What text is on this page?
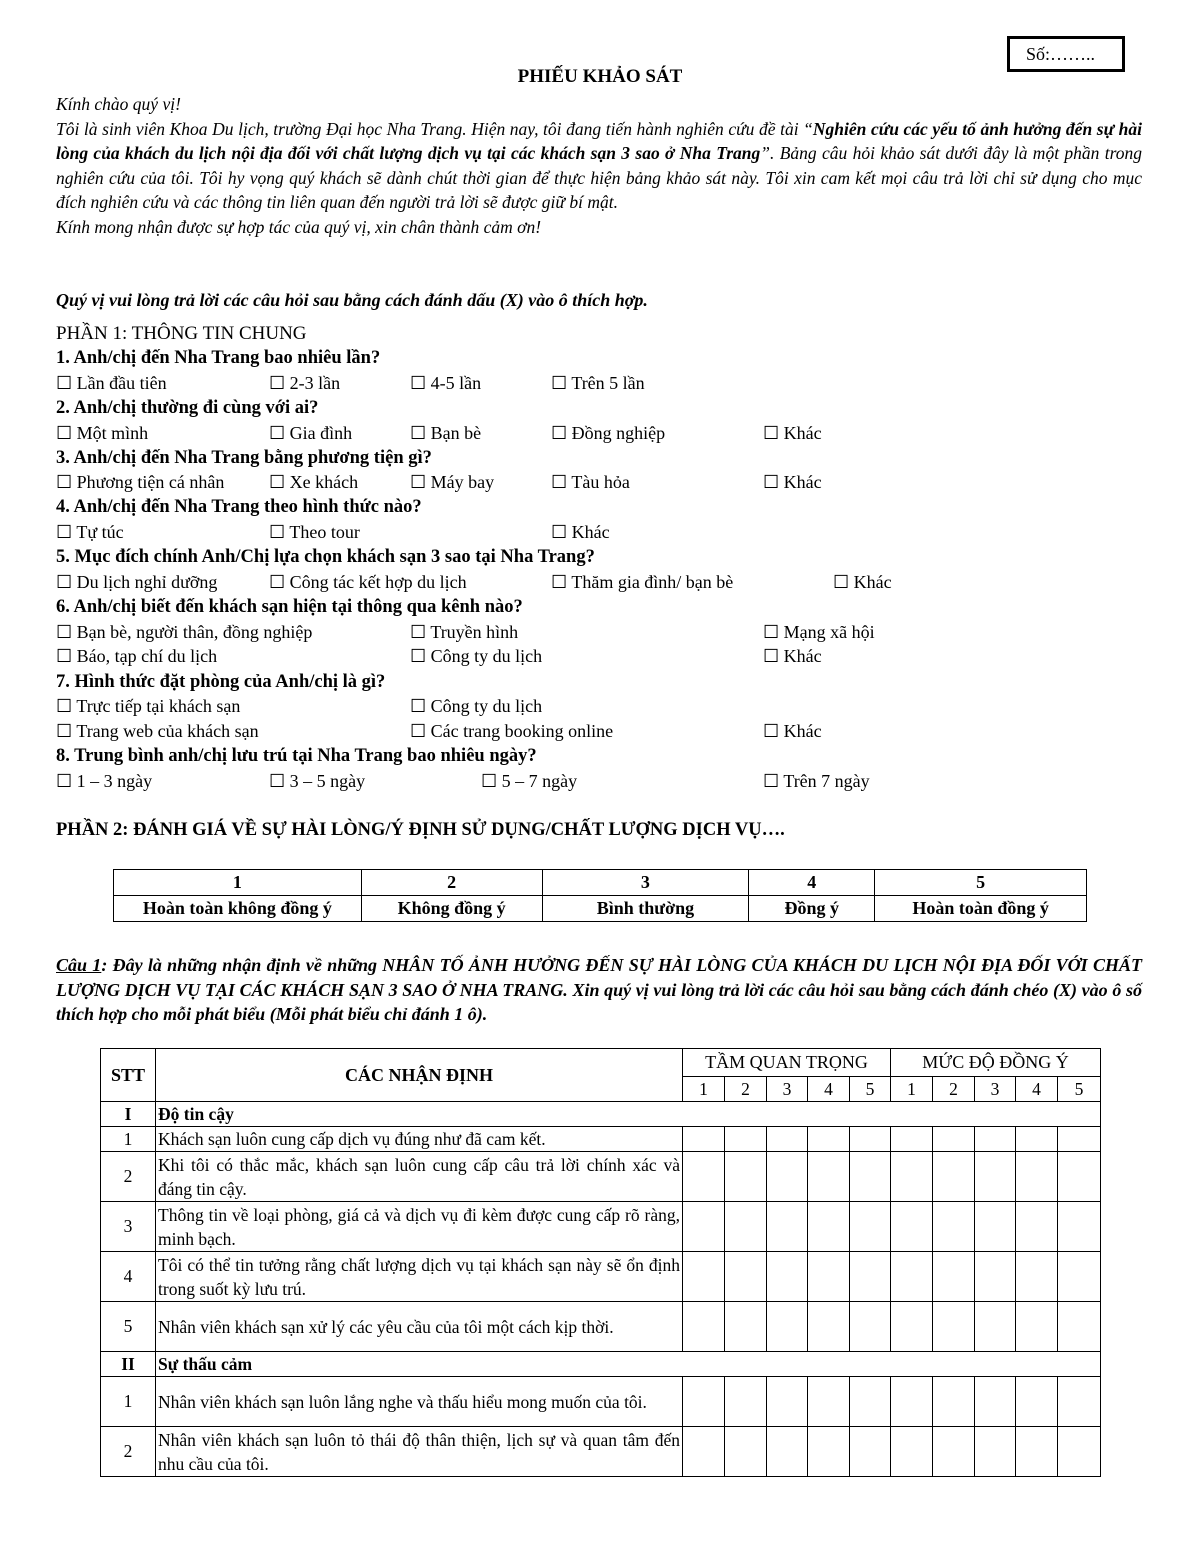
Số:……..
PHIẾU KHẢO SÁT

Kính chào quý vị!

Tôi là sinh viên Khoa Du lịch, trường Đại học Nha Trang. Hiện nay, tôi đang tiến hành nghiên cứu đề tài “Nghiên cứu các yếu tố ảnh hưởng đến sự hài lòng của khách du lịch nội địa đối với chất lượng dịch vụ tại các khách sạn 3 sao ở Nha Trang”. Bảng câu hỏi khảo sát dưới đây là một phần trong nghiên cứu của tôi. Tôi hy vọng quý khách sẽ dành chút thời gian để thực hiện bảng khảo sát này. Tôi xin cam kết mọi câu trả lời chỉ sử dụng cho mục đích nghiên cứu và các thông tin liên quan đến người trả lời sẽ được giữ bí mật.

Kính mong nhận được sự hợp tác của quý vị, xin chân thành cảm ơn!

Quý vị vui lòng trả lời các câu hỏi sau bằng cách đánh dấu (X) vào ô thích hợp.
PHẦN 1: THÔNG TIN CHUNG
1. Anh/chị đến Nha Trang bao nhiêu lần?
☐ Lần đầu tiên	☐ 2-3 lần	☐ 4-5 lần	☐ Trên 5 lần
2. Anh/chị thường đi cùng với ai?
☐ Một mình	☐ Gia đình	☐ Bạn bè	☐ Đồng nghiệp	☐ Khác
3. Anh/chị đến Nha Trang bằng phương tiện gì?
☐ Phương tiện cá nhân ☐ Xe khách	☐ Máy bay	☐ Tàu hỏa	☐ Khác
4. Anh/chị đến Nha Trang theo hình thức nào?
☐ Tự túc	☐ Theo tour	☐ Khác
5. Mục đích chính Anh/Chị lựa chọn khách sạn 3 sao tại Nha Trang?
☐ Du lịch nghỉ dưỡng	☐ Công tác kết hợp du lịch	☐ Thăm gia đình/ bạn bè	☐ Khác
6. Anh/chị biết đến khách sạn hiện tại thông qua kênh nào?
☐ Bạn bè, người thân, đồng nghiệp	☐ Truyền hình	☐ Mạng xã hội
☐ Báo, tạp chí du lịch	☐ Công ty du lịch	☐ Khác
7. Hình thức đặt phòng của Anh/chị là gì?
☐ Trực tiếp tại khách sạn	☐ Công ty du lịch
☐ Trang web của khách sạn	☐ Các trang booking online	☐ Khác
8. Trung bình anh/chị lưu trú tại Nha Trang bao nhiêu ngày?
☐ 1 – 3 ngày	☐ 3 – 5 ngày	☐ 5 – 7 ngày	☐ Trên 7 ngày
PHẦN 2: ĐÁNH GIÁ VỀ SỰ HÀI LÒNG/Ý ĐỊNH SỬ DỤNG/CHẤT LƯỢNG DỊCH VỤ….
1	2	3	4	5
Hoàn toàn không đồng ý	Không đồng ý	Bình thường	Đồng ý	Hoàn toàn đồng ý
Câu 1: Đây là những nhận định về những NHÂN TỐ ẢNH HƯỞNG ĐẾN SỰ HÀI LÒNG CỦA KHÁCH DU LỊCH NỘI ĐỊA ĐỐI VỚI CHẤT LƯỢNG DỊCH VỤ TẠI CÁC KHÁCH SẠN 3 SAO Ở NHA TRANG. Xin quý vị vui lòng trả lời các câu hỏi sau bằng cách đánh chéo (X) vào ô số thích hợp cho mỗi phát biểu (Mỗi phát biểu chỉ đánh 1 ô).
STT	CÁC NHẬN ĐỊNH	TẦM QUAN TRỌNG					MỨC ĐỘ ĐỒNG Ý				
		1	2	3	4	5	1	2	3	4	5
I	Độ tin cậy										
1	Khách sạn luôn cung cấp dịch vụ đúng như đã cam kết.										
2	Khi tôi có thắc mắc, khách sạn luôn cung cấp câu trả lời chính xác và đáng tin cậy.										
3	Thông tin về loại phòng, giá cả và dịch vụ đi kèm được cung cấp rõ ràng, minh bạch.										
4	Tôi có thể tin tưởng rằng chất lượng dịch vụ tại khách sạn này sẽ ổn định trong suốt kỳ lưu trú.										
5	Nhân viên khách sạn xử lý các yêu cầu của tôi một cách kịp thời.										
II	Sự thấu cảm										
1	Nhân viên khách sạn luôn lắng nghe và thấu hiểu mong muốn của tôi.										
2	Nhân viên khách sạn luôn tỏ thái độ thân thiện, lịch sự và quan tâm đến nhu cầu của tôi.										
